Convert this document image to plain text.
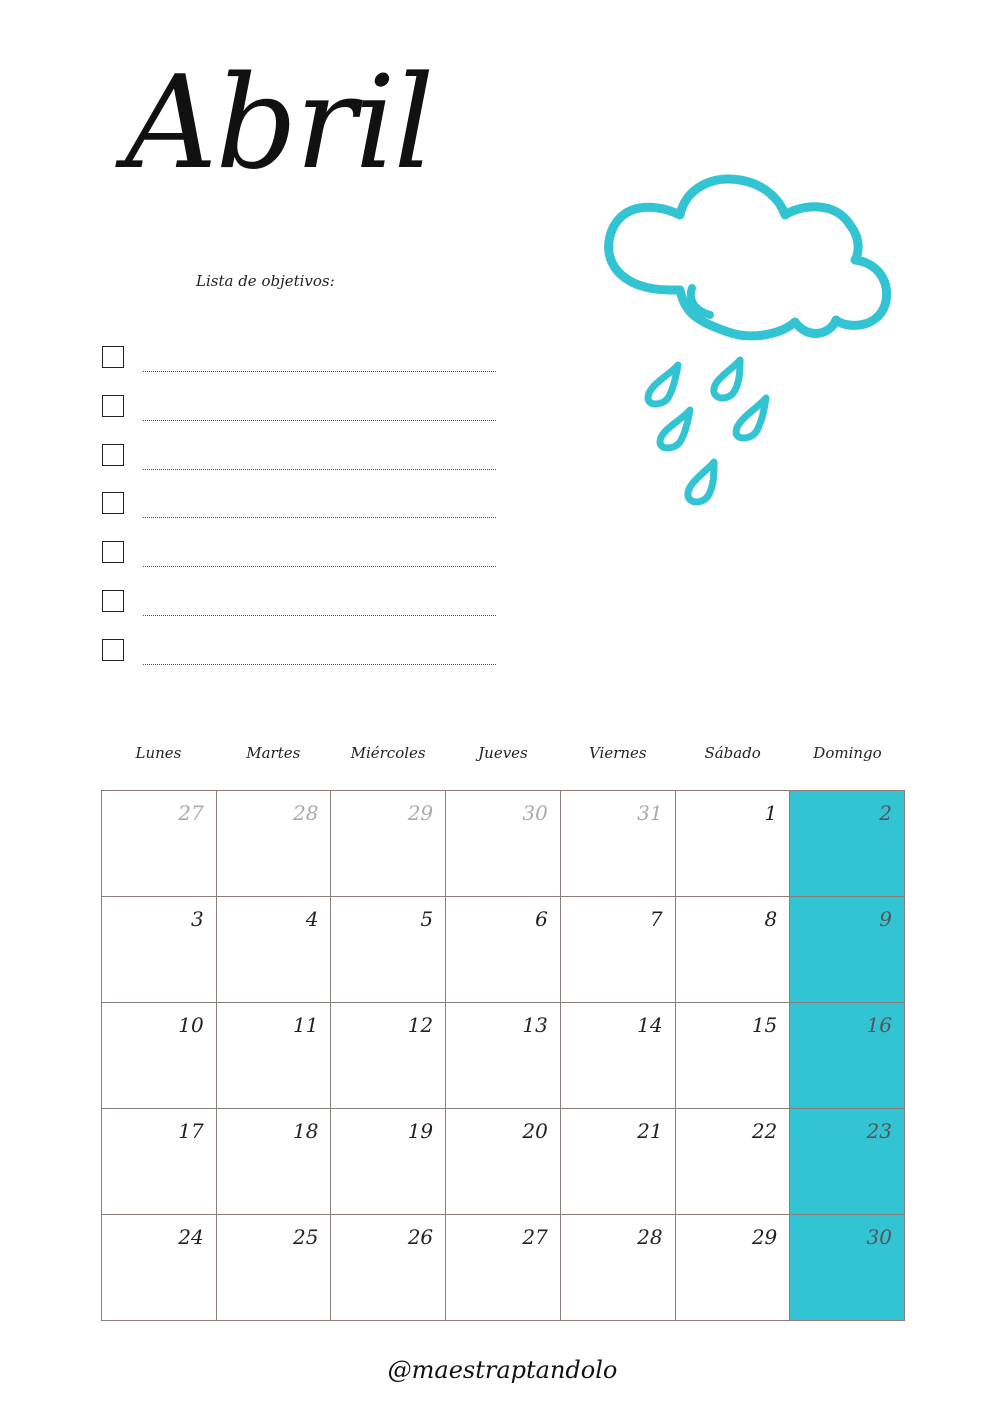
Abril
Lista de objetivos:
Lunes	Martes	Miércoles	Jueves	Viernes	Sábado	Domingo
27	28	29	30	31	1	2
3	4	5	6	7	8	9
10	11	12	13	14	15	16
17	18	19	20	21	22	23
24	25	26	27	28	29	30
@maestraptandolo
